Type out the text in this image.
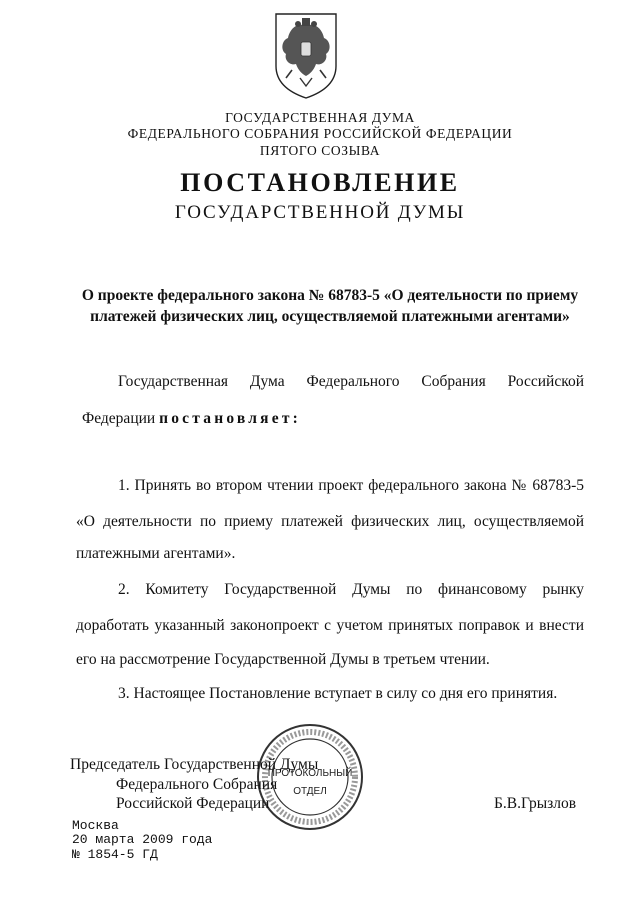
ГОСУДАРСТВЕННАЯ ДУМА
ФЕДЕРАЛЬНОГО СОБРАНИЯ РОССИЙСКОЙ ФЕДЕРАЦИИ
ПЯТОГО СОЗЫВА
ПОСТАНОВЛЕНИЕ
ГОСУДАРСТВЕННОЙ ДУМЫ
О проекте федерального закона № 68783-5 «О деятельности по приему
платежей физических лиц, осуществляемой платежными агентами»
Государственная Дума Федерального Собрания Российской
Федерации постановляет:
1. Принять во втором чтении проект федерального закона № 68783-5
«О деятельности по приему платежей физических лиц, осуществляемой
платежными агентами».
2. Комитету Государственной Думы по финансовому рынку
доработать указанный законопроект с учетом принятых поправок и внести
его на рассмотрение Государственной Думы в третьем чтении.
3. Настоящее Постановление вступает в силу со дня его принятия.
ПРОТОКОЛЬНЫЙ
ОТДЕЛ
Председатель Государственной Думы
Федерального Собрания
Российской Федерации	Б.В.Грызлов
Москва
20 марта 2009 года
№ 1854-5 ГД
